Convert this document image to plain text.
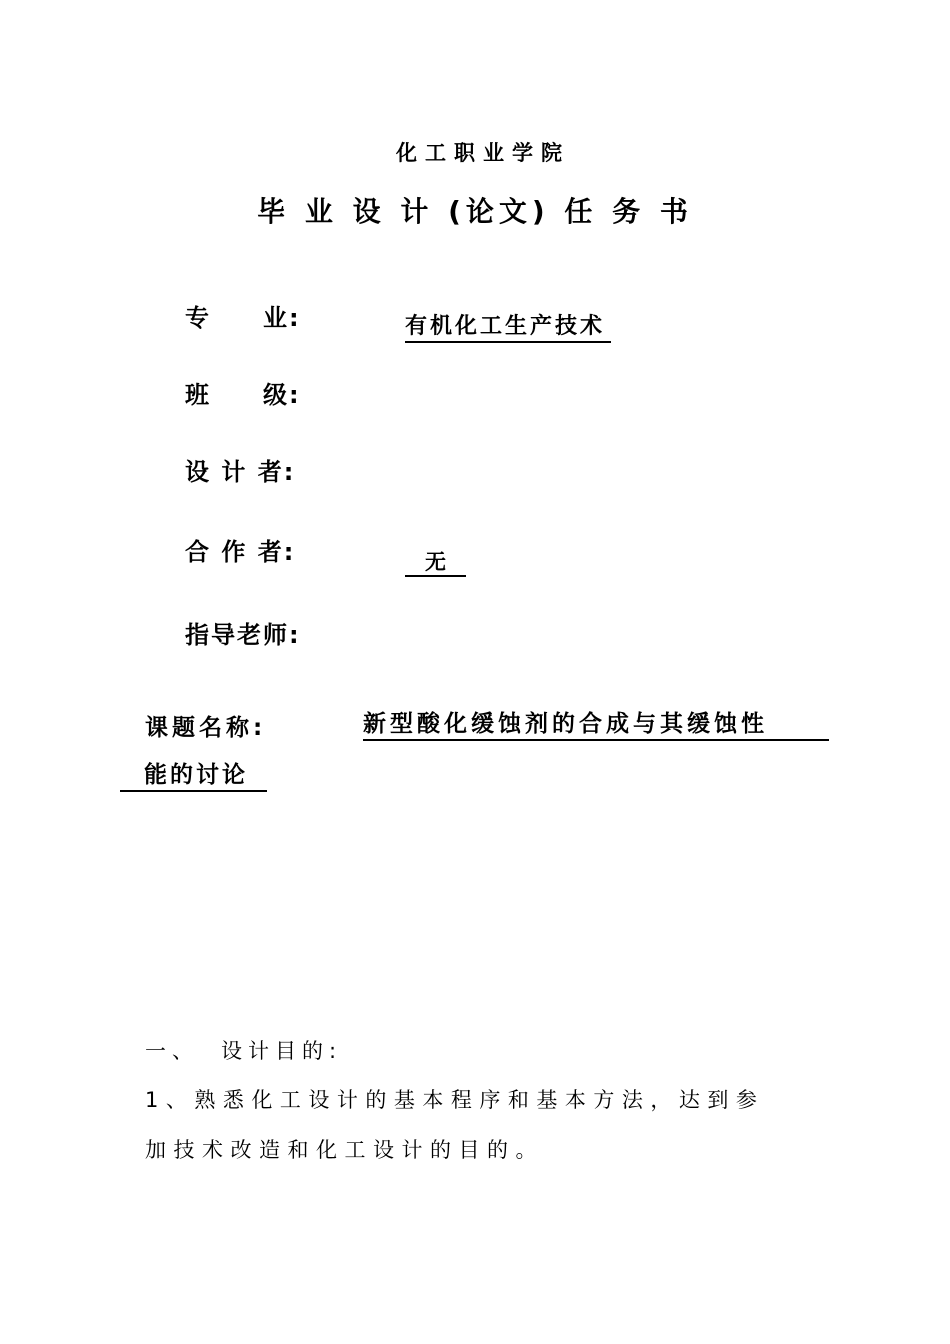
化工职业学院
毕 业 设 计 (论文) 任 务 书
专　　业:	有机化工生产技术
班　　级:
设 计 者:
合 作 者:	无
指导老师:
课题名称:	新型酸化缓蚀剂的合成与其缓蚀性
能的讨论
一、 设计目的:
1、熟悉化工设计的基本程序和基本方法，达到参
加技术改造和化工设计的目的。
